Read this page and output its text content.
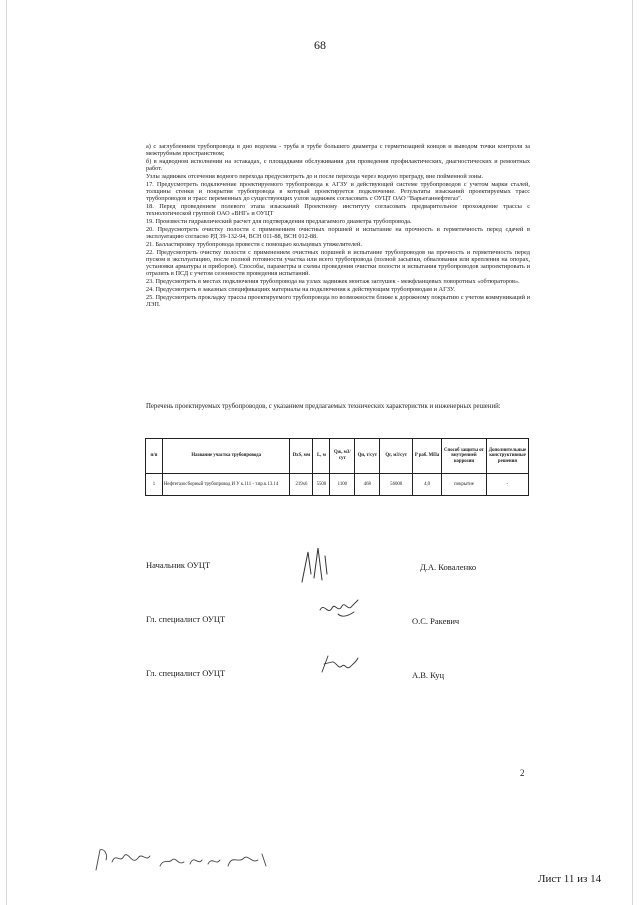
68

а) с заглублением трубопровода в дно водоема - труба в трубе большего диаметра с герметизацией концов и выводом точки контроля за межтрубным пространством;

б) в надводном исполнении на эстакадах, с площадками обслуживания для проведения профилактических, диагностических и ремонтных работ.

Узлы задвижек отсечения водного перехода предусмотреть до и после перехода через водную преграду, вне пойменной зоны.

17. Предусмотреть подключение проектируемого трубопровода к АГЗУ и действующей системе трубопроводов с учетом марки сталей, толщины стенки и покрытия трубопровода в который проектируется подключение. Результаты изысканий проектируемых трасс трубопроводов и трасс переменных до существующих узлов задвижек согласовать с ОУЦТ ОАО "Варьеганнефтегаз".

18. Перед проведением полевого этапа изысканий Проектному институту согласовать предварительное прохождение трассы с технологической группой ОАО «ВНГ» и ОУЦТ

19. Произвести гидравлический расчет для подтверждения предлагаемого диаметра трубопровода.

20. Предусмотреть очистку полости с применением очистных поршней и испытание на прочность и герметичность перед сдачей в эксплуатацию согласно РД 39-132-94, ВСН 011-88, ВСН 012-88.

21. Балластировку трубопровода провести с помощью кольцевых утяжелителей.

22. Предусмотреть очистку полости с применением очистных поршней и испытание трубопроводов на прочность и герметичность перед пуском в эксплуатацию, после полной готовности участка или всего трубопровода (полной засыпки, обвалования или крепления на опорах, установки арматуры и приборов). Способы, параметры и схемы проведения очистки полости и испытания трубопроводов запроектировать и отразить в ПСД с учетом сезонности проведения испытаний.

23. Предусмотреть в местах подключения трубопровода на узлах задвижек монтаж заглушек - межфланцевых поворотных «обтюраторов».

24. Предусмотреть в заказных спецификациях материалы на подключения к действующим трубопроводам и АГЗУ.

25. Предусмотреть прокладку трассы проектируемого трубопровода по возможности ближе к дорожному покрытию с учетом коммуникаций и ЛЭП.

Перечень проектируемых трубопроводов, с указанием предлагаемых технических характеристик и инженерных решений:
п/п	Название участка трубопровода	DxS, мм	L, м	Qж, м3/сут	Qн, т/сут	Qг, м3/сут	P раб. МПа	Способ защиты от внутренней коррозии	Дополнительные конструктивные решения
1	Нефтегазосборный трубопровод И У к.111 - т.вр.к.13.14	219х6	5500	1100	468	56000	4,0	покрытие	-
Начальник ОУЦТ	Д.А. Коваленко
Гл. специалист ОУЦТ	О.С. Ракевич
Гл. специалист ОУЦТ	А.В. Куц
2
Лист 11 из 14
